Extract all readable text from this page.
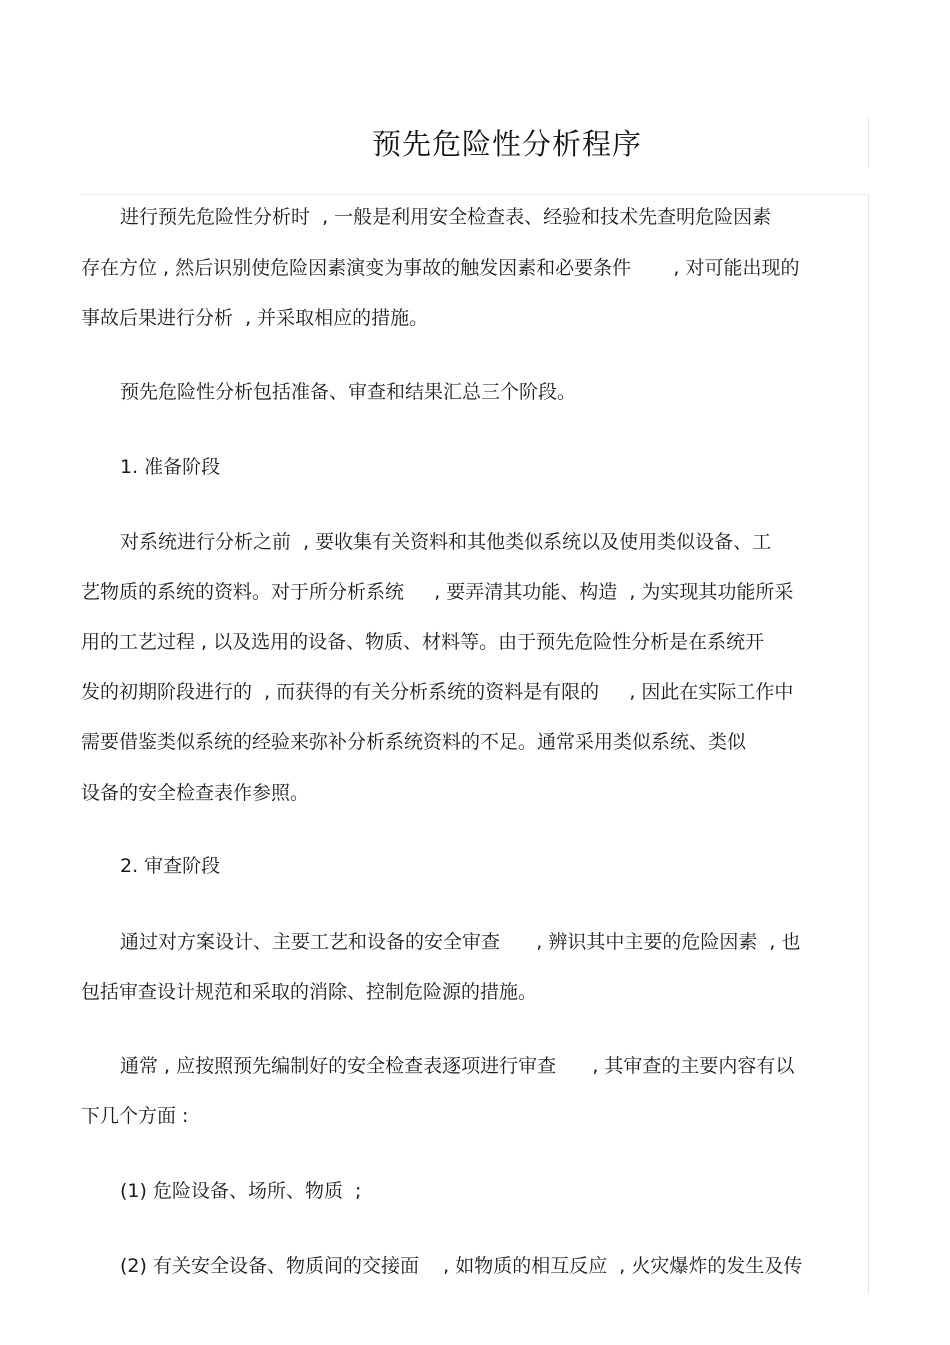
预先危险性分析程序
进行预先危险性分析时  , 一般是利用安全检查表、经验和技术先查明危险因素
存在方位 , 然后识别使危险因素演变为事故的触发因素和必要条件       , 对可能出现的
事故后果进行分析  , 并采取相应的措施。
预先危险性分析包括准备、审查和结果汇总三个阶段。
1. 准备阶段
对系统进行分析之前  , 要收集有关资料和其他类似系统以及使用类似设备、工
艺物质的系统的资料。对于所分析系统     , 要弄清其功能、构造  , 为实现其功能所采
用的工艺过程 , 以及选用的设备、物质、材料等。由于预先危险性分析是在系统开
发的初期阶段进行的  , 而获得的有关分析系统的资料是有限的     , 因此在实际工作中
需要借鉴类似系统的经验来弥补分析系统资料的不足。通常采用类似系统、类似
设备的安全检查表作参照。
2. 审查阶段
通过对方案设计、主要工艺和设备的安全审查      , 辨识其中主要的危险因素  , 也
包括审查设计规范和采取的消除、控制危险源的措施。
通常 , 应按照预先编制好的安全检查表逐项进行审查      , 其审查的主要内容有以
下几个方面 :
(1) 危险设备、场所、物质  ;
(2) 有关安全设备、物质间的交接面    , 如物质的相互反应  , 火灾爆炸的发生及传
